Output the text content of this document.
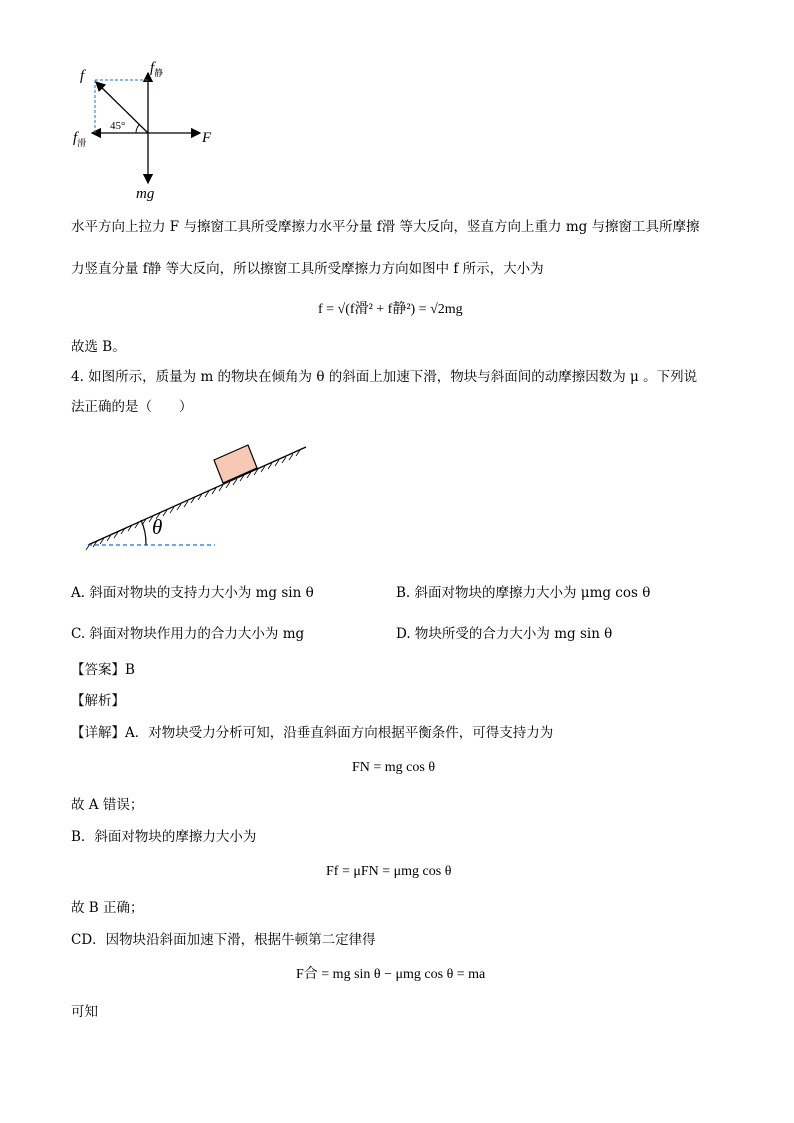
f	$f_静$
$f_滑$	F
mg
45°
水平方向上拉力 F 与擦窗工具所受摩擦力水平分量 f滑 等大反向，竖直方向上重力 mg 与擦窗工具所摩擦
力竖直分量 f静 等大反向，所以擦窗工具所受摩擦力方向如图中 f 所示，大小为
f = √(f滑² + f静²) = √2mg
故选 B。
4. 如图所示，质量为 m 的物块在倾角为 θ 的斜面上加速下滑，物块与斜面间的动摩擦因数为 μ 。下列说
法正确的是（　　）
θ
A. 斜面对物块的支持力大小为 mg sin θ	B. 斜面对物块的摩擦力大小为 μmg cos θ
C. 斜面对物块作用力的合力大小为 mg	D. 物块所受的合力大小为 mg sin θ
【答案】B
【解析】
【详解】A．对物块受力分析可知，沿垂直斜面方向根据平衡条件，可得支持力为
FN = mg cos θ
故 A 错误；
B．斜面对物块的摩擦力大小为
Ff = μFN = μmg cos θ
故 B 正确；
CD．因物块沿斜面加速下滑，根据牛顿第二定律得
F合 = mg sin θ − μmg cos θ = ma
可知
